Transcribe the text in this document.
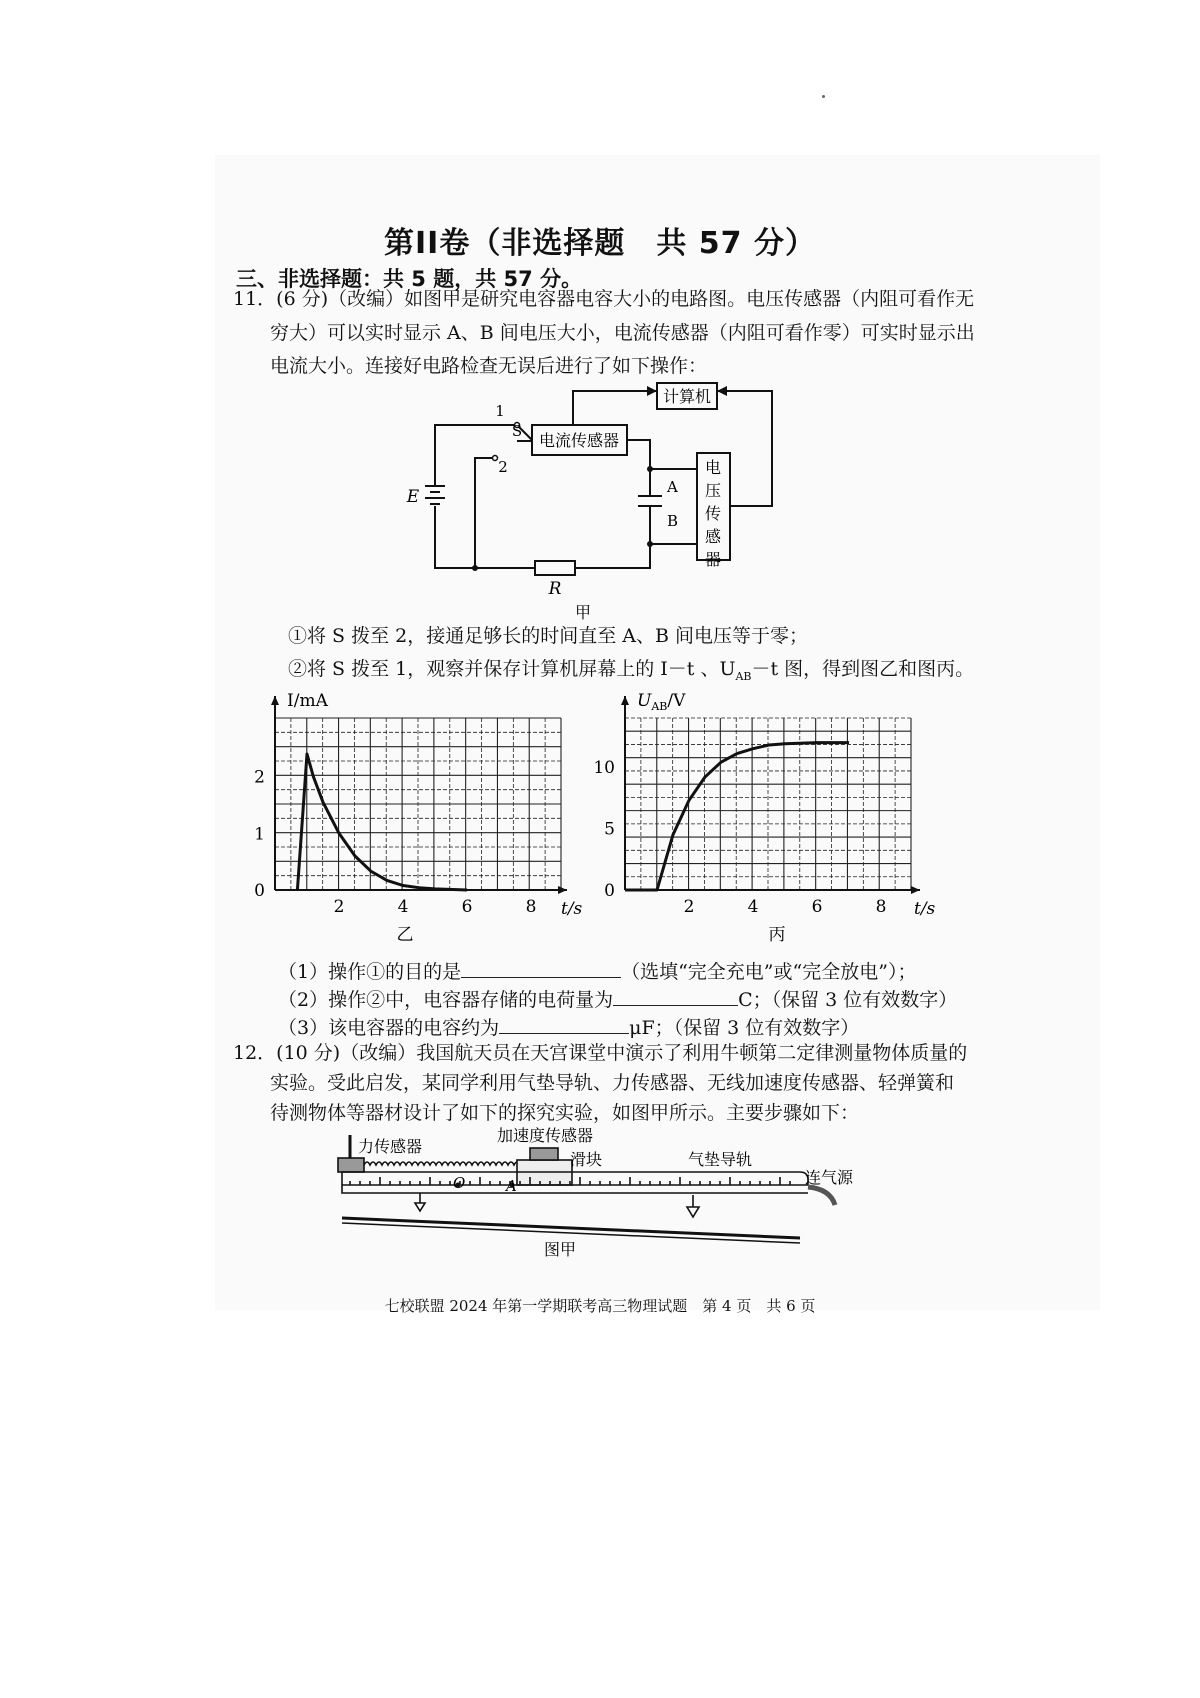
第II卷（非选择题　共 57 分）
三、非选择题：共 5 题，共 57 分。
11．(6 分)（改编）如图甲是研究电容器电容大小的电路图。电压传感器（内阻可看作无
穷大）可以实时显示 A、B 间电压大小，电流传感器（内阻可看作零）可实时显示出
电流大小。连接好电路检查无误后进行了如下操作：
计算机
电流传感器
S
1
2
E	A
B
R
甲
电
压
传
感
器
①将 S 拨至 2，接通足够长的时间直至 A、B 间电压等于零；
②将 S 拨至 1，观察并保存计算机屏幕上的 I－t 、$U_{AB}-t$ 图，得到图乙和图丙。
2	4	6	8
1
2
0
t/s
I/mA
乙
2	4	6	8
5
10
0
t/s
$U_{AB}/V$
丙
（1）操作①的目的是	（选填“完全充电”或“完全放电”）；
（2）操作②中，电容器存储的电荷量为	C；（保留 3 位有效数字）
（3）该电容器的电容约为	μF；（保留 3 位有效数字）
12．(10 分)（改编）我国航天员在天宫课堂中演示了利用牛顿第二定律测量物体质量的
实验。受此启发，某同学利用气垫导轨、力传感器、无线加速度传感器、轻弹簧和
待测物体等器材设计了如下的探究实验，如图甲所示。主要步骤如下：
力传感器
加速度传感器
滑块	气垫导轨
连气源
O	A
图甲
七校联盟 2024 年第一学期联考高三物理试题　第 4 页　共 6 页
